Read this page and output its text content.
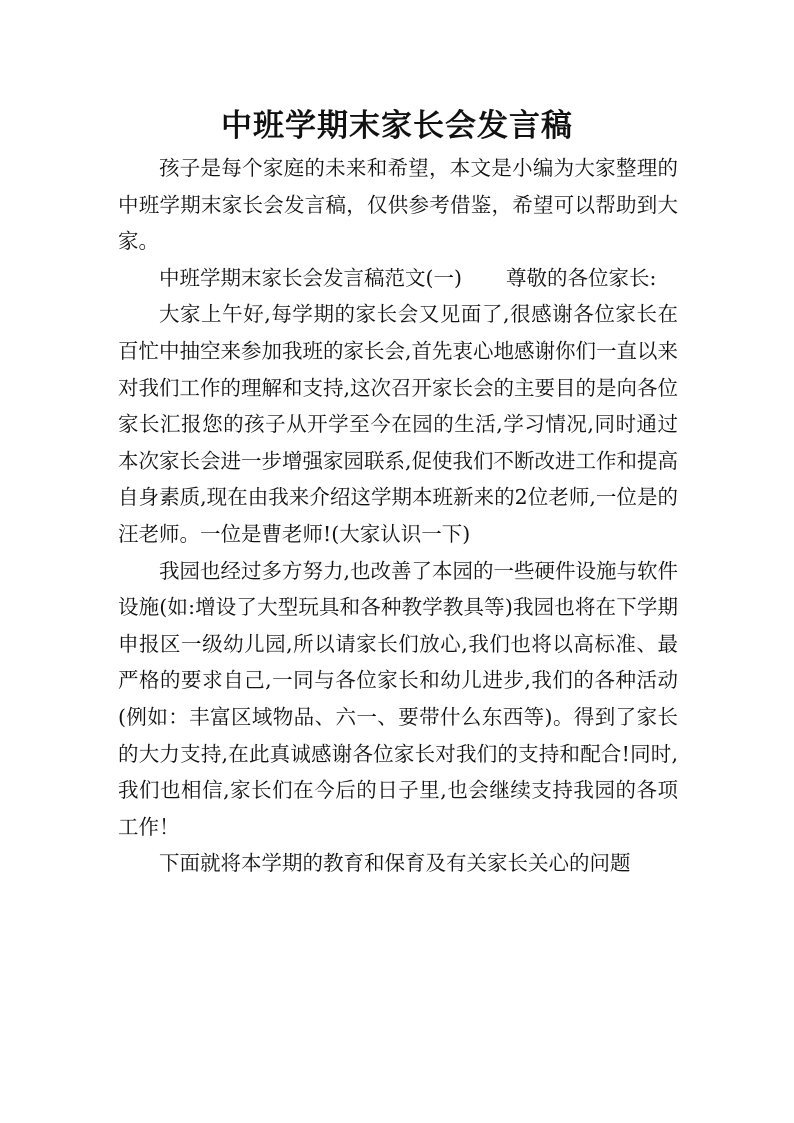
中班学期末家长会发言稿

孩子是每个家庭的未来和希望，本文是小编为大家整理的中班学期末家长会发言稿，仅供参考借鉴，希望可以帮助到大家。

中班学期末家长会发言稿范文(一) 尊敬的各位家长:

大家上午好,每学期的家长会又见面了,很感谢各位家长在百忙中抽空来参加我班的家长会,首先衷心地感谢你们一直以来对我们工作的理解和支持,这次召开家长会的主要目的是向各位家长汇报您的孩子从开学至今在园的生活,学习情况,同时通过本次家长会进一步增强家园联系,促使我们不断改进工作和提高自身素质,现在由我来介绍这学期本班新来的2位老师,一位是的汪老师。一位是曹老师!(大家认识一下)

我园也经过多方努力,也改善了本园的一些硬件设施与软件设施(如:增设了大型玩具和各种教学教具等)我园也将在下学期申报区一级幼儿园,所以请家长们放心,我们也将以高标准、最严格的要求自己,一同与各位家长和幼儿进步,我们的各种活动(例如：丰富区域物品、六一、要带什么东西等)。得到了家长的大力支持,在此真诚感谢各位家长对我们的支持和配合!同时,我们也相信,家长们在今后的日子里,也会继续支持我园的各项工作！

下面就将本学期的教育和保育及有关家长关心的问题
